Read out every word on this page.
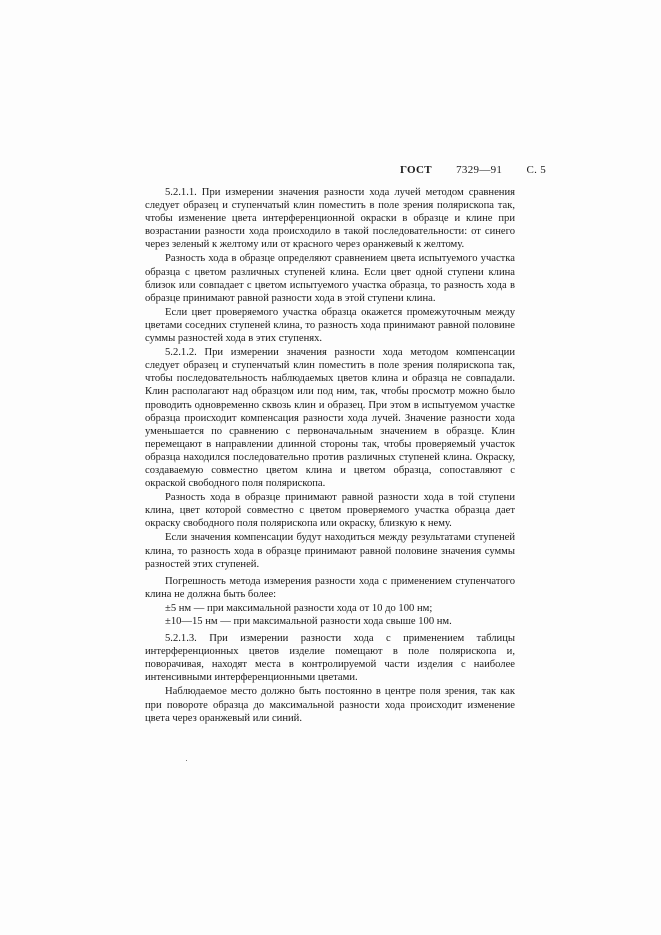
ГОСТ 7329—91 С. 5

5.2.1.1. При измерении значения разности хода лучей методом сравнения следует образец и ступенчатый клин поместить в поле зрения полярископа так, чтобы изменение цвета интерференционной окраски в образце и клине при возрастании разности хода происходило в такой последовательности: от синего через зеленый к желтому или от красного через оранжевый к желтому.

Разность хода в образце определяют сравнением цвета испытуемого участка образца с цветом различных ступеней клина. Если цвет одной ступени клина близок или совпадает с цветом испытуемого участка образца, то разность хода в образце принимают равной разности хода в этой ступени клина.

Если цвет проверяемого участка образца окажется промежуточным между цветами соседних ступеней клина, то разность хода принимают равной половине суммы разностей хода в этих ступенях.

5.2.1.2. При измерении значения разности хода методом компенсации следует образец и ступенчатый клин поместить в поле зрения полярископа так, чтобы последовательность наблюдаемых цветов клина и образца не совпадали. Клин располагают над образцом или под ним, так, чтобы просмотр можно было проводить одновременно сквозь клин и образец. При этом в испытуемом участке образца происходит компенсация разности хода лучей. Значение разности хода уменьшается по сравнению с первоначальным значением в образце. Клин перемещают в направлении длинной стороны так, чтобы проверяемый участок образца находился последовательно против различных ступеней клина. Окраску, создаваемую совместно цветом клина и цветом образца, сопоставляют с окраской свободного поля полярископа.

Разность хода в образце принимают равной разности хода в той ступени клина, цвет которой совместно с цветом проверяемого участка образца дает окраску свободного поля полярископа или окраску, близкую к нему.

Если значения компенсации будут находиться между результатами ступеней клина, то разность хода в образце принимают равной половине значения суммы разностей этих ступеней.

Погрешность метода измерения разности хода с применением ступенчатого клина не должна быть более:

±5 нм — при максимальной разности хода от 10 до 100 нм;

±10—15 нм — при максимальной разности хода свыше 100 нм.

5.2.1.3. При измерении разности хода с применением таблицы интерференционных цветов изделие помещают в поле полярископа и, поворачивая, находят места в контролируемой части изделия с наиболее интенсивными интерференционными цветами.

Наблюдаемое место должно быть постоянно в центре поля зрения, так как при повороте образца до максимальной разности хода происходит изменение цвета через оранжевый или синий.
